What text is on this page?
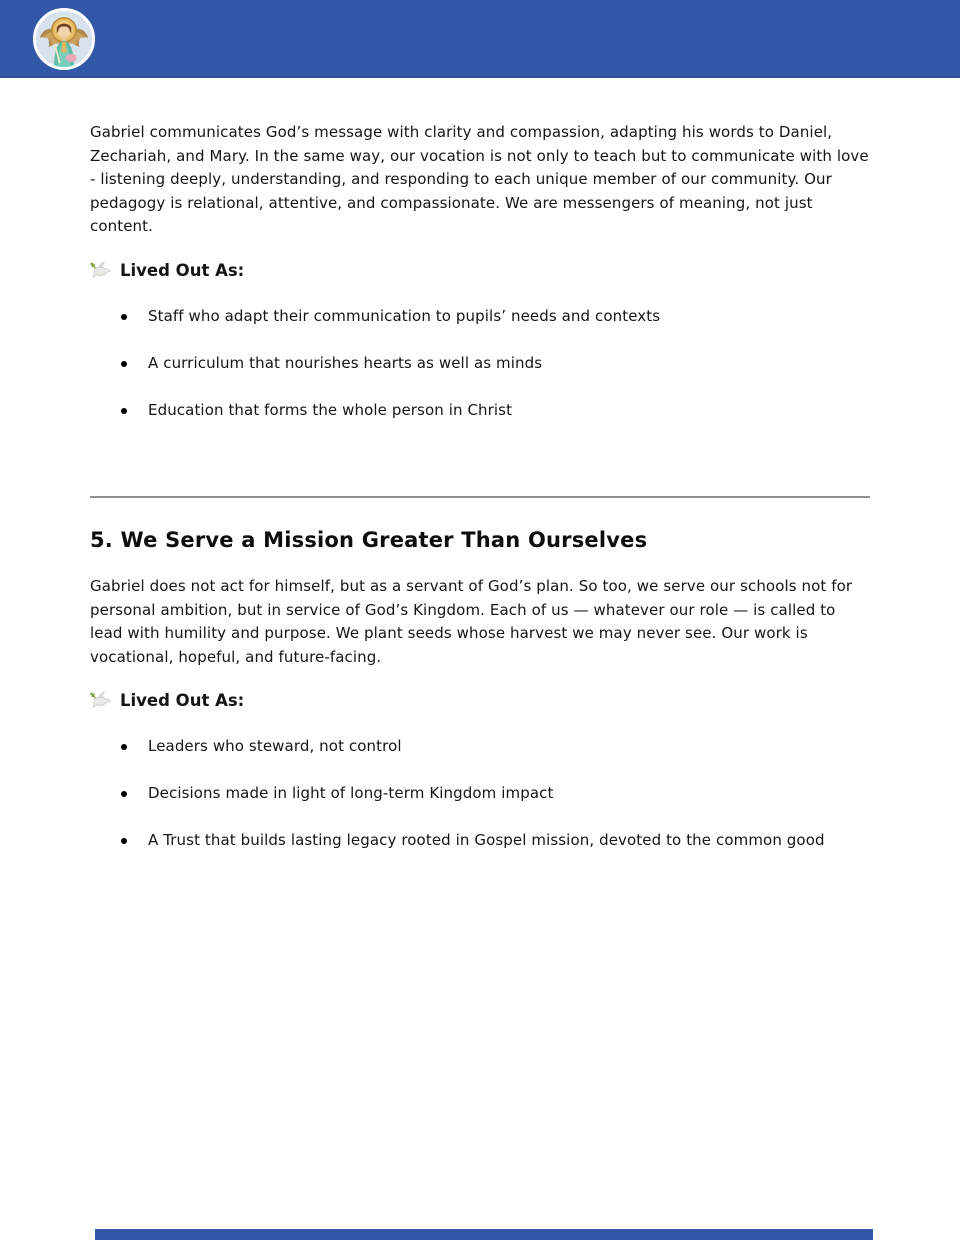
Gabriel communicates God’s message with clarity and compassion, adapting his words to Daniel, Zechariah, and Mary. In the same way, our vocation is not only to teach but to communicate with love - listening deeply, understanding, and responding to each unique member of our community. Our pedagogy is relational, attentive, and compassionate. We are messengers of meaning, not just content.

Lived Out As:
Staff who adapt their communication to pupils’ needs and contexts
A curriculum that nourishes hearts as well as minds
Education that forms the whole person in Christ
5. We Serve a Mission Greater Than Ourselves

Gabriel does not act for himself, but as a servant of God’s plan. So too, we serve our schools not for personal ambition, but in service of God’s Kingdom. Each of us — whatever our role — is called to lead with humility and purpose. We plant seeds whose harvest we may never see. Our work is vocational, hopeful, and future-facing.

Lived Out As:
Leaders who steward, not control
Decisions made in light of long-term Kingdom impact
A Trust that builds lasting legacy rooted in Gospel mission, devoted to the common good
